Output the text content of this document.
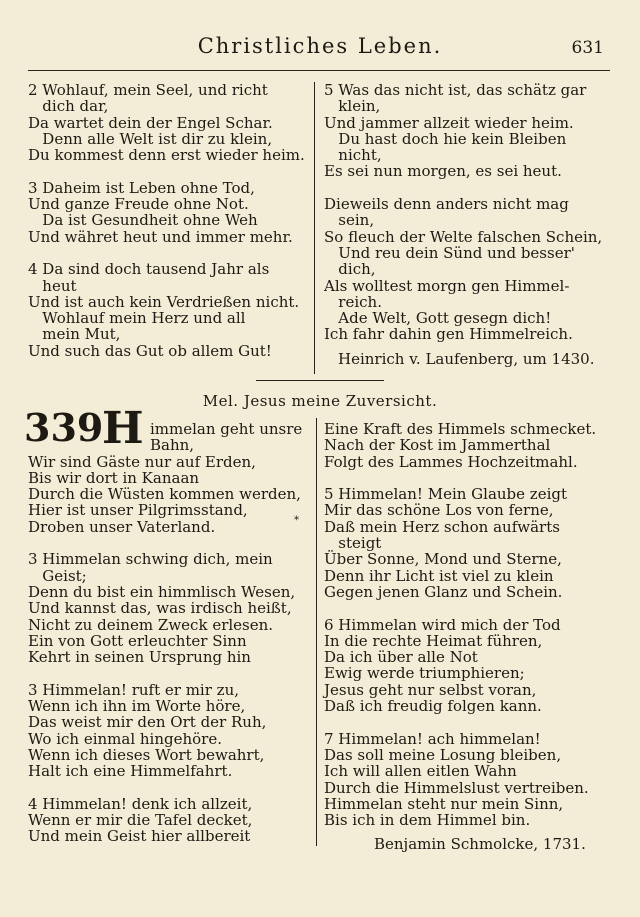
Christliches Leben.	631
2 Wohlauf, mein Seel, und richt
dich dar,
Da wartet dein der Engel Schar.
Denn alle Welt ist dir zu klein,
Du kommest denn erst wieder heim.
3 Daheim ist Leben ohne Tod,
Und ganze Freude ohne Not.
Da ist Gesundheit ohne Weh
Und währet heut und immer mehr.
4 Da sind doch tausend Jahr als
heut
Und ist auch kein Verdrießen nicht.
Wohlauf mein Herz und all
mein Mut,
Und such das Gut ob allem Gut!
5 Was das nicht ist, das schätz gar
klein,
Und jammer allzeit wieder heim.
Du hast doch hie kein Bleiben
nicht,
Es sei nun morgen, es sei heut.
Dieweils denn anders nicht mag
sein,
So fleuch der Welte falschen Schein,
Und reu dein Sünd und besser'
dich,
Als wolltest morgn gen Himmel-
reich.
Ade Welt, Gott gesegn dich!
Ich fahr dahin gen Himmelreich.
Heinrich v. Laufenberg, um 1430.
Mel. Jesus meine Zuversicht.
339
H immelan geht unsre
Bahn,
Wir sind Gäste nur auf Erden,
Bis wir dort in Kanaan
Durch die Wüsten kommen werden,
Hier ist unser Pilgrimsstand,
Droben unser Vaterland.
3 Himmelan schwing dich, mein
Geist;
Denn du bist ein himmlisch Wesen,
Und kannst das, was irdisch heißt,
Nicht zu deinem Zweck erlesen.
Ein von Gott erleuchter Sinn
Kehrt in seinen Ursprung hin
3 Himmelan! ruft er mir zu,
Wenn ich ihn im Worte höre,
Das weist mir den Ort der Ruh,
Wo ich einmal hingehöre.
Wenn ich dieses Wort bewahrt,
Halt ich eine Himmelfahrt.
4 Himmelan! denk ich allzeit,
Wenn er mir die Tafel decket,
Und mein Geist hier allbereit
Eine Kraft des Himmels schmecket.
Nach der Kost im Jammerthal
Folgt des Lammes Hochzeitmahl.
5 Himmelan! Mein Glaube zeigt
Mir das schöne Los von ferne,
Daß mein Herz schon aufwärts
steigt
Über Sonne, Mond und Sterne,
Denn ihr Licht ist viel zu klein
Gegen jenen Glanz und Schein.
6 Himmelan wird mich der Tod
In die rechte Heimat führen,
Da ich über alle Not
Ewig werde triumphieren;
Jesus geht nur selbst voran,
Daß ich freudig folgen kann.
7 Himmelan! ach himmelan!
Das soll meine Losung bleiben,
Ich will allen eitlen Wahn
Durch die Himmelslust vertreiben.
Himmelan steht nur mein Sinn,
Bis ich in dem Himmel bin.
Benjamin Schmolcke, 1731.
*
